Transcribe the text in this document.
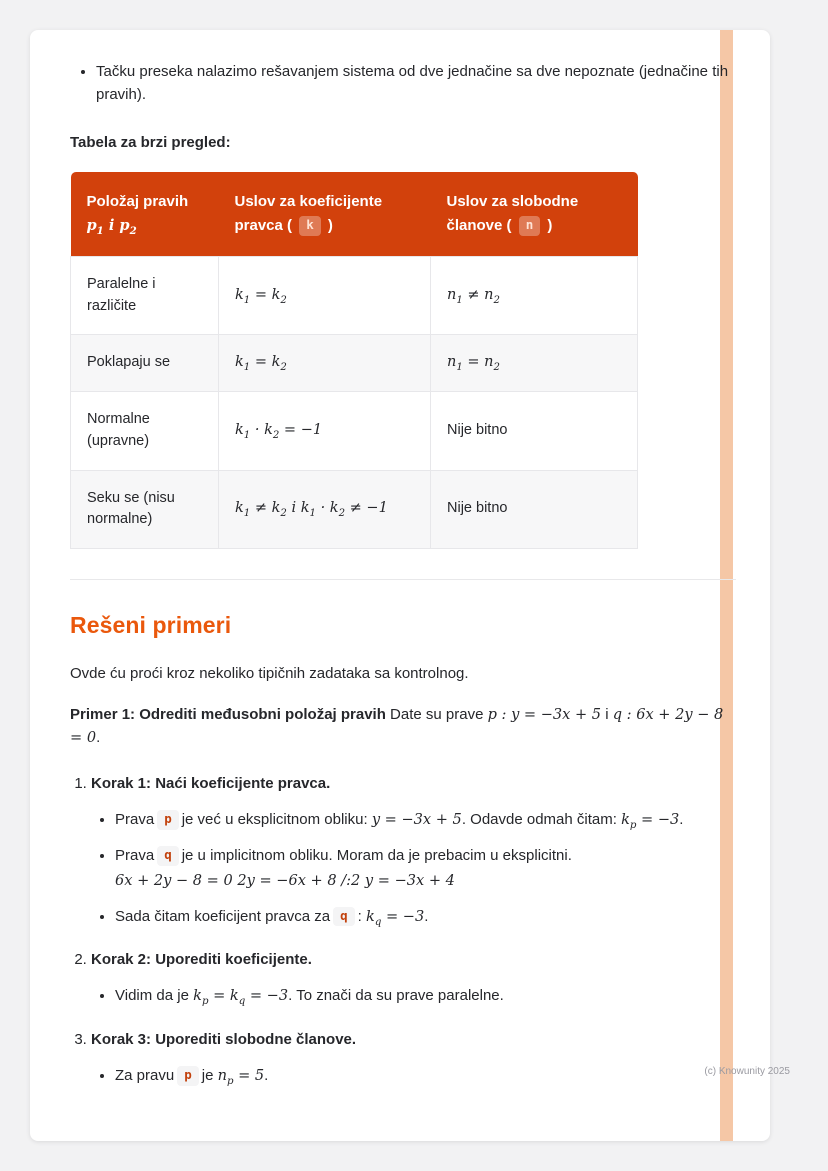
• Tačku preseka nalazimo rešavanjem sistema od dve jednačine sa dve nepoznate (jednačine tih pravih).

Tabela za brzi pregled:

Položaj pravih
$p_1$ i $p_2$	Uslov za koeficijente pravca ( k )	Uslov za slobodne članove ( n )
Paralelne i različite	$k_1 = k_2$	$n_1 \ne n_2$
Poklapaju se	$k_1 = k_2$	$n_1 = n_2$
Normalne (upravne)	$k_1 \cdot k_2 = -1$	Nije bitno
Seku se (nisu normalne)	$k_1 \ne k_2$ i $k_1 \cdot k_2 \ne -1$	Nije bitno
Rešeni primeri

Ovde ću proći kroz nekoliko tipičnih zadataka sa kontrolnog.

Primer 1: Odrediti međusobni položaj pravih Date su prave p : y = −3x + 5 i q : 6x + 2y − 8 = 0.

1. Korak 1: Naći koeficijente pravca.
• Prava p je već u eksplicitnom obliku: y = −3x + 5. Odavde odmah čitam: $k_p = -3$.
• Prava q je u implicitnom obliku. Moram da je prebacim u eksplicitni.
6x + 2y − 8 = 0 2y = −6x + 8 /:2 y = −3x + 4
• Sada čitam koeficijent pravca za q : $k_q = -3$.
2. Korak 2: Uporediti koeficijente.
• Vidim da je $k_p = k_q = -3$. To znači da su prave paralelne.
3. Korak 3: Uporediti slobodne članove.
• Za pravu p je $n_p = 5$.	(c) Knowunity 2025
